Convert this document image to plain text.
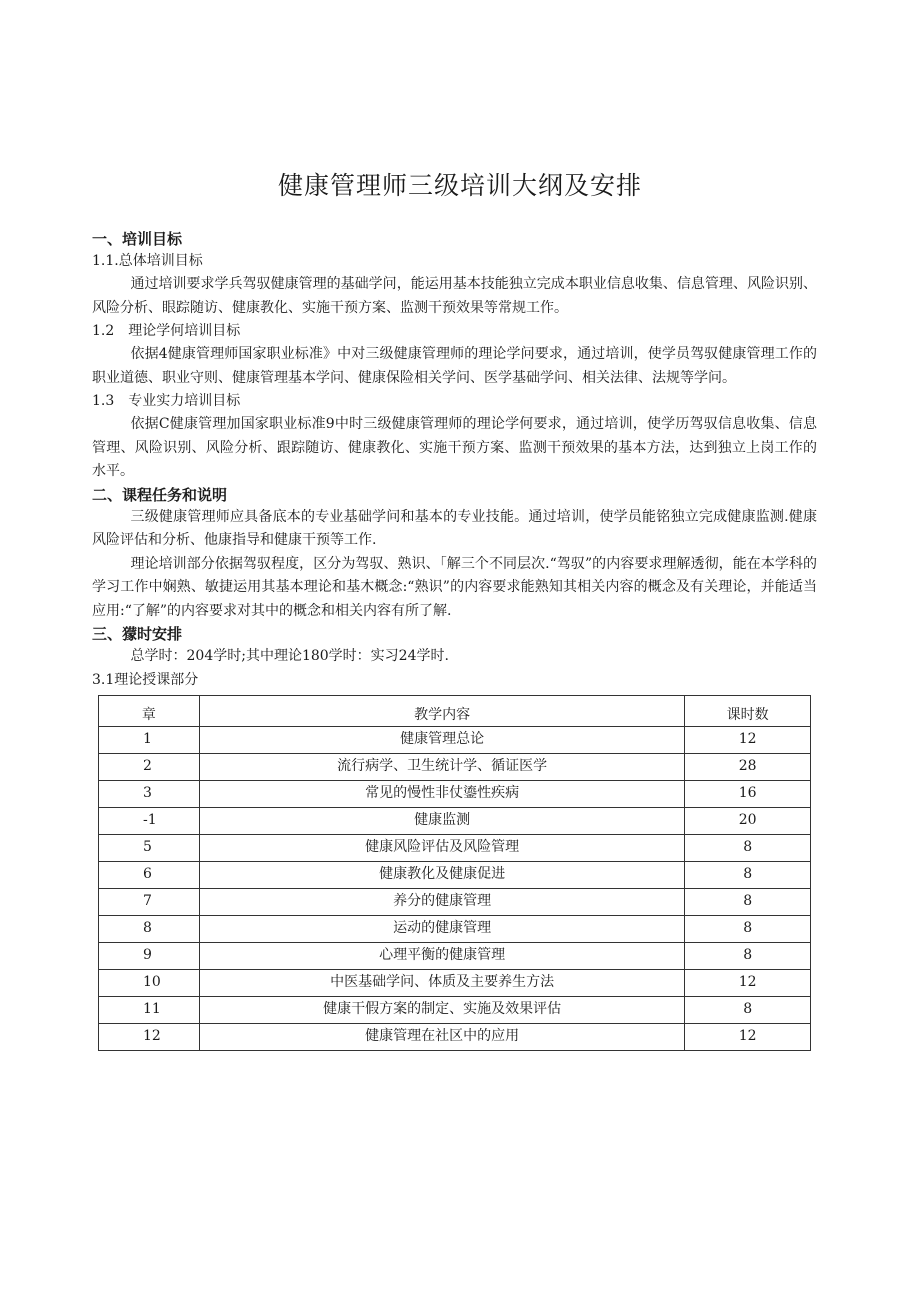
健康管理师三级培训大纲及安排
一、培训目标
1.1.总体培训目标

通过培训要求学兵驾驭健康管理的基础学问，能运用基本技能独立完成本职业信息收集、信息管理、风险识别、风险分析、眼踪随访、健康教化、实施干预方案、监测干预效果等常规工作。

1.2　理论学何培训目标

依据4健康管理师国家职业标准》中对三级健康管理师的理论学问要求，通过培训，使学员驾驭健康管理工作的职业道德、职业守则、健康管理基本学问、健康保险相关学问、医学基础学问、相关法律、法规等学问。

1.3　专业实力培训目标

依据C健康管理加国家职业标准9中时三级健康管理师的理论学何要求，通过培训，使学历驾驭信息收集、信息管理、风险识别、风险分析、跟踪随访、健康教化、实施干预方案、监测干预效果的基本方法，达到独立上岗工作的水平。

二、课程任务和说明

三级健康管理师应具备底本的专业基础学问和基本的专业技能。通过培训，使学员能铭独立完成健康监测.健康风险评估和分析、他康指导和健康干预等工作.

理论培训部分依据驾驭程度，区分为驾驭、熟识、「解三个不同层次.“驾驭”的内容要求理解透彻，能在本学科的学习工作中娴熟、敏捷运用其基本理论和基木概念:“熟识”的内容要求能熟知其相关内容的概念及有关理论，并能适当应用:“了解”的内容要求对其中的概念和相关内容有所了解.

三、獴时安排

总学时：204学时;其中理论180学时：实习24学时.

3.1理论授课部分
章	教学内容	课时数
1	健康管理总论	12
2	流行病学、卫生统计学、循证医学	28
3	常见的慢性非仗鎏性疾病	16
-1	健康监测	20
5	健康风险评估及风险管理	8
6	健康教化及健康促进	8
7	养分的健康管理	8
8	运动的健康管理	8
9	心理平衡的健康管理	8
10	中医基础学问、体质及主要养生方法	12
11	健康干假方案的制定、实施及效果评估	8
12	健康管理在社区中的应用	12
